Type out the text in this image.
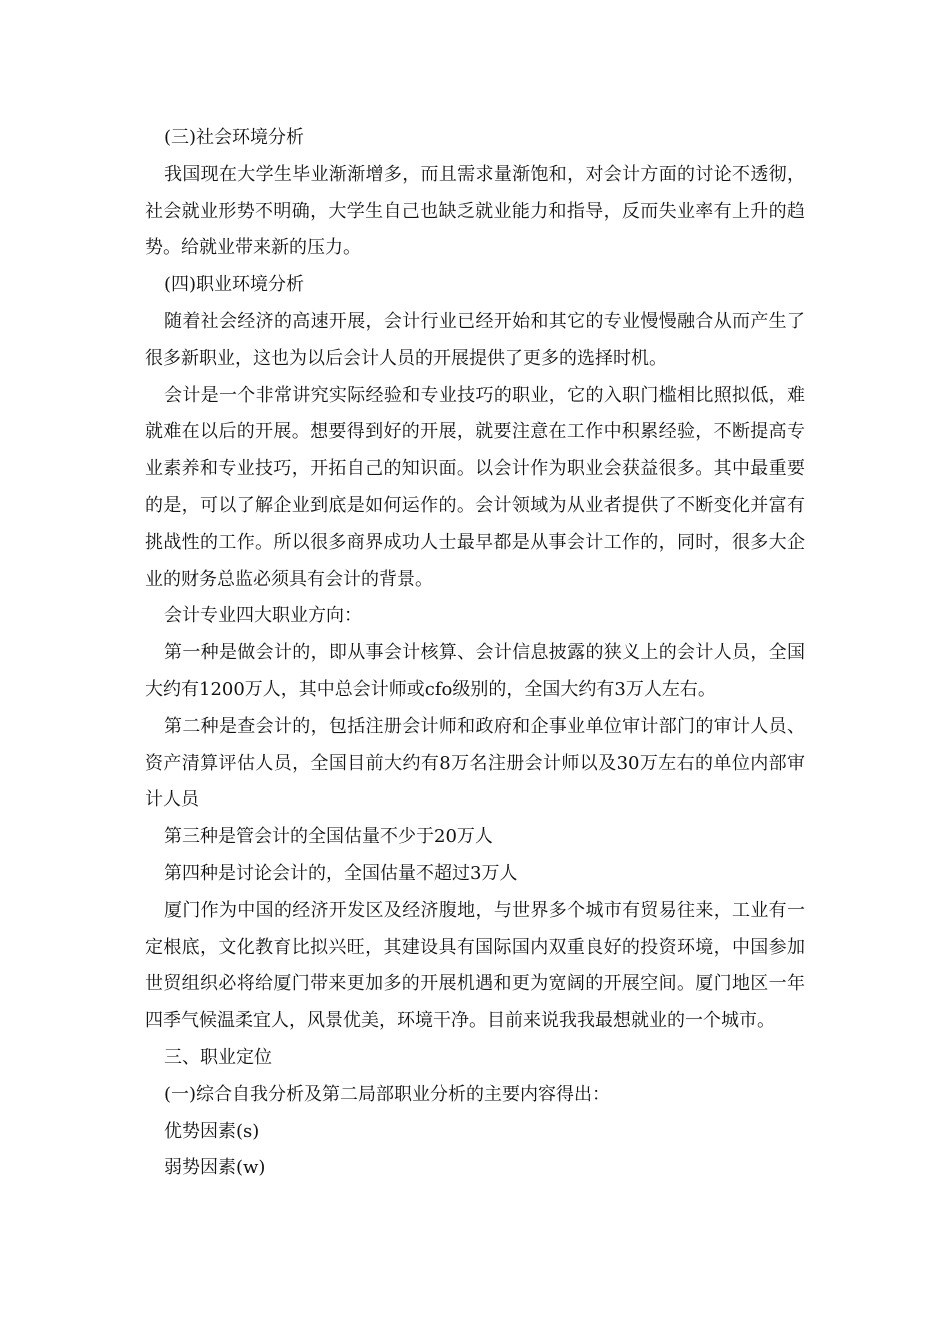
(三)社会环境分析

我国现在大学生毕业渐渐增多，而且需求量渐饱和，对会计方面的讨论不透彻，社会就业形势不明确，大学生自己也缺乏就业能力和指导，反而失业率有上升的趋势。给就业带来新的压力。

(四)职业环境分析

随着社会经济的高速开展，会计行业已经开始和其它的专业慢慢融合从而产生了很多新职业，这也为以后会计人员的开展提供了更多的选择时机。

会计是一个非常讲究实际经验和专业技巧的职业，它的入职门槛相比照拟低，难就难在以后的开展。想要得到好的开展，就要注意在工作中积累经验，不断提高专业素养和专业技巧，开拓自己的知识面。以会计作为职业会获益很多。其中最重要的是，可以了解企业到底是如何运作的。会计领域为从业者提供了不断变化并富有挑战性的工作。所以很多商界成功人士最早都是从事会计工作的，同时，很多大企业的财务总监必须具有会计的背景。

会计专业四大职业方向：

第一种是做会计的，即从事会计核算、会计信息披露的狭义上的会计人员，全国大约有1200万人，其中总会计师或cfo级别的，全国大约有3万人左右。

第二种是查会计的，包括注册会计师和政府和企事业单位审计部门的审计人员、资产清算评估人员，全国目前大约有8万名注册会计师以及30万左右的单位内部审计人员

第三种是管会计的全国估量不少于20万人

第四种是讨论会计的，全国估量不超过3万人

厦门作为中国的经济开发区及经济腹地，与世界多个城市有贸易往来，工业有一定根底，文化教育比拟兴旺，其建设具有国际国内双重良好的投资环境，中国参加世贸组织必将给厦门带来更加多的开展机遇和更为宽阔的开展空间。厦门地区一年四季气候温柔宜人，风景优美，环境干净。目前来说我我最想就业的一个城市。

三、职业定位

(一)综合自我分析及第二局部职业分析的主要内容得出：

优势因素(s)

弱势因素(w)
